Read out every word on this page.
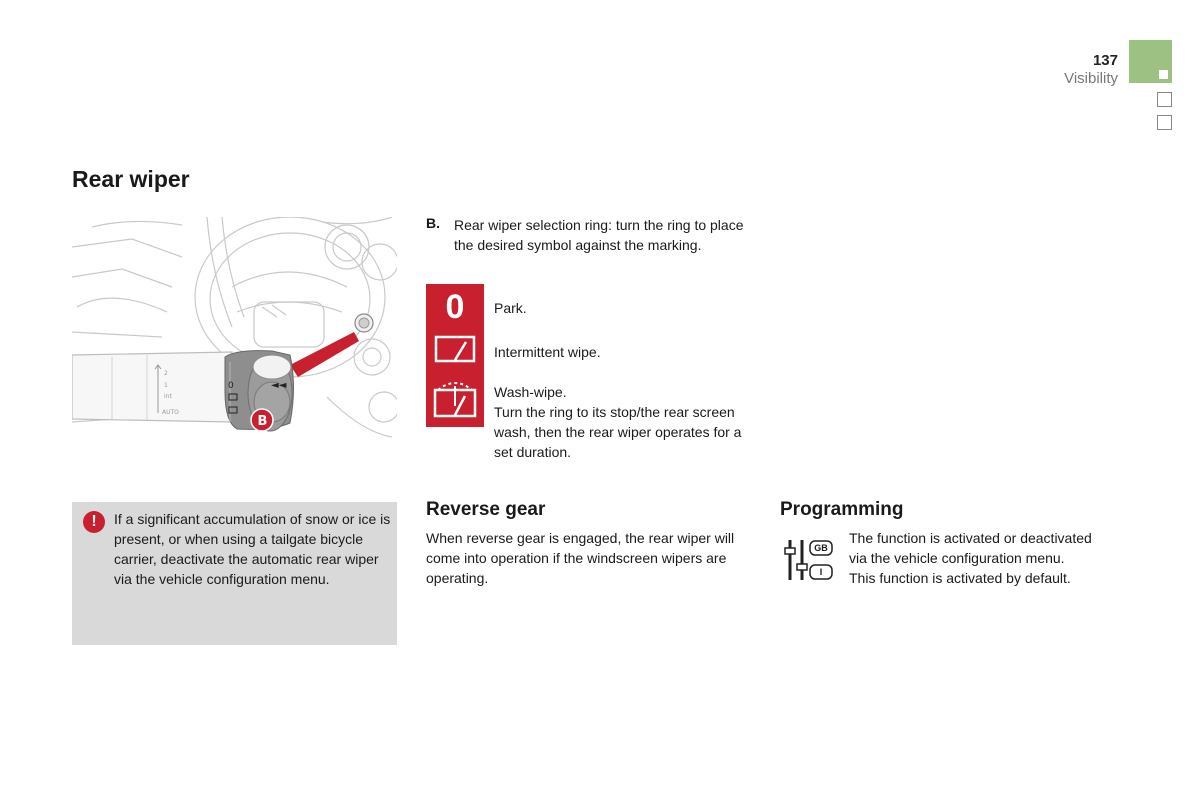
137
Visibility
Rear wiper
2
1
int
AUTO
◄◄
0
B
B. Rear wiper selection ring: turn the ring to place the desired symbol against the marking.
0	Park.
Intermittent wipe.
Wash-wipe.
Turn the ring to its stop/the rear screen wash, then the rear wiper operates for a set duration.
!	If a significant accumulation of snow or ice is present, or when using a tailgate bicycle carrier, deactivate the automatic rear wiper via the vehicle configuration menu.
Reverse gear
When reverse gear is engaged, the rear wiper will come into operation if the windscreen wipers are operating.
Programming
GB
I
The function is activated or deactivated via the vehicle configuration menu.
This function is activated by default.
